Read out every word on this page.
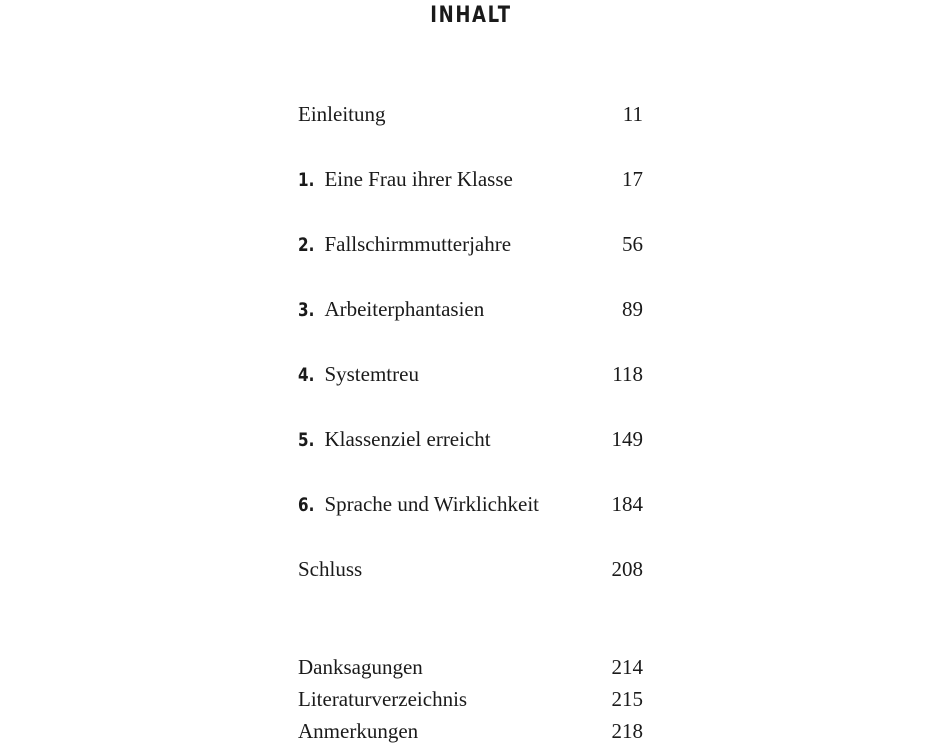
INHALT
Einleitung	11
1. Eine Frau ihrer Klasse	17
2. Fallschirmmutterjahre	56
3. Arbeiterphantasien	89
4. Systemtreu	118
5. Klassenziel erreicht	149
6. Sprache und Wirklichkeit	184
Schluss	208
Danksagungen	214
Literaturverzeichnis	215
Anmerkungen	218
